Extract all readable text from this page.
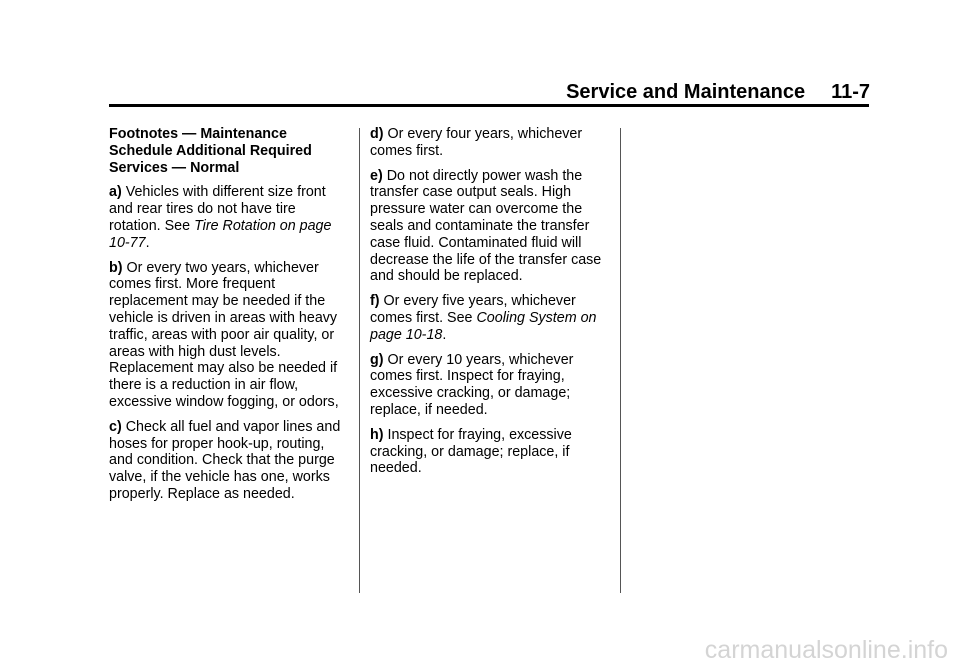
Service and Maintenance 11-7

Footnotes — Maintenance Schedule Additional Required Services — Normal

a) Vehicles with different size front and rear tires do not have tire rotation. See Tire Rotation on page 10-77.

b) Or every two years, whichever comes first. More frequent replacement may be needed if the vehicle is driven in areas with heavy traffic, areas with poor air quality, or areas with high dust levels. Replacement may also be needed if there is a reduction in air flow, excessive window fogging, or odors,

c) Check all fuel and vapor lines and hoses for proper hook-up, routing, and condition. Check that the purge valve, if the vehicle has one, works properly. Replace as needed.

d) Or every four years, whichever comes first.

e) Do not directly power wash the transfer case output seals. High pressure water can overcome the seals and contaminate the transfer case fluid. Contaminated fluid will decrease the life of the transfer case and should be replaced.

f) Or every five years, whichever comes first. See Cooling System on page 10-18.

g) Or every 10 years, whichever comes first. Inspect for fraying, excessive cracking, or damage; replace, if needed.

h) Inspect for fraying, excessive cracking, or damage; replace, if needed.

carmanualsonline.info
